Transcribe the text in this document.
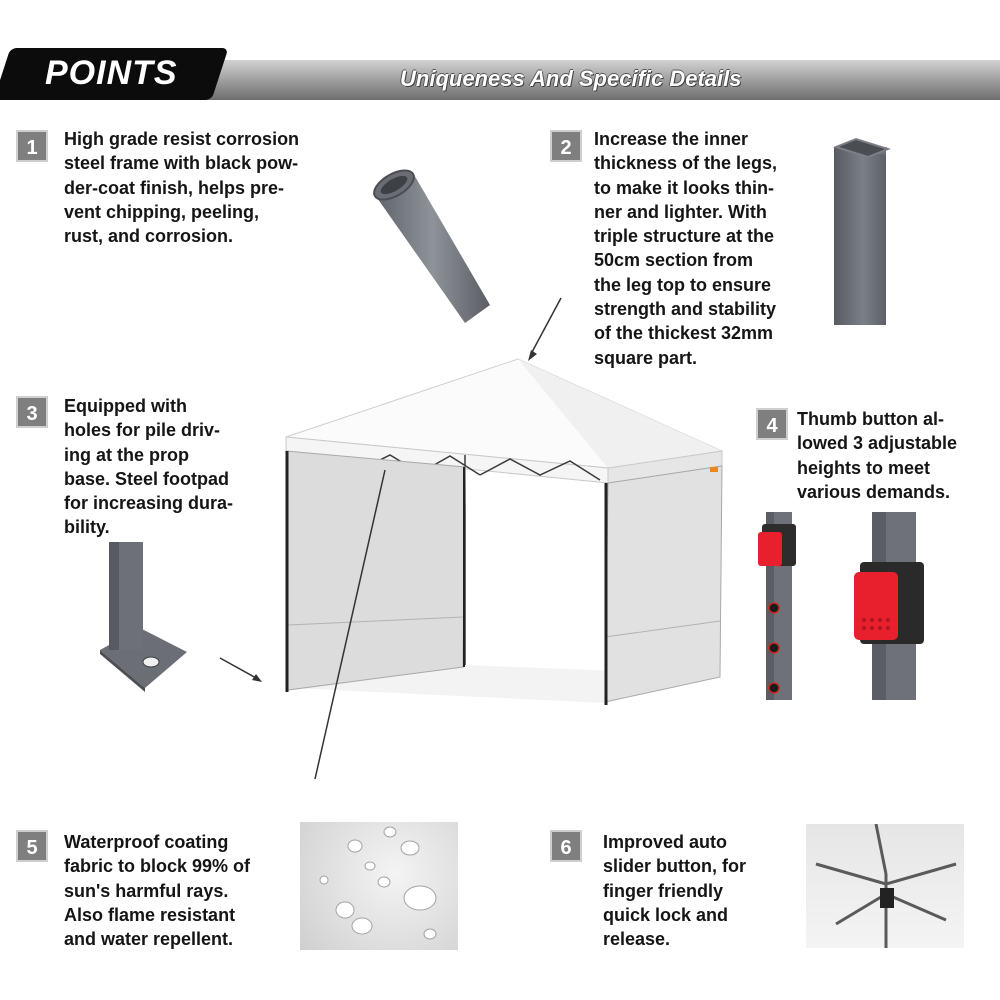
POINTS	Uniqueness And Specific Details
1	High grade resist corrosion
steel frame with black pow-
der-coat finish, helps pre-
vent chipping, peeling,
rust, and corrosion.
2	Increase the inner
thickness of the legs,
to make it looks thin-
ner and lighter. With
triple structure at the
50cm section from
the leg top to ensure
strength and stability
of the thickest 32mm
square part.
3	Equipped with
holes for pile driv-
ing at the prop
base. Steel footpad
for increasing dura-
bility.
4	Thumb button al-
lowed 3 adjustable
heights to meet
various demands.
5	Waterproof coating
fabric to block 99% of
sun's harmful rays.
Also flame resistant
and water repellent.
6	Improved auto
slider button, for
finger friendly
quick lock and
release.
